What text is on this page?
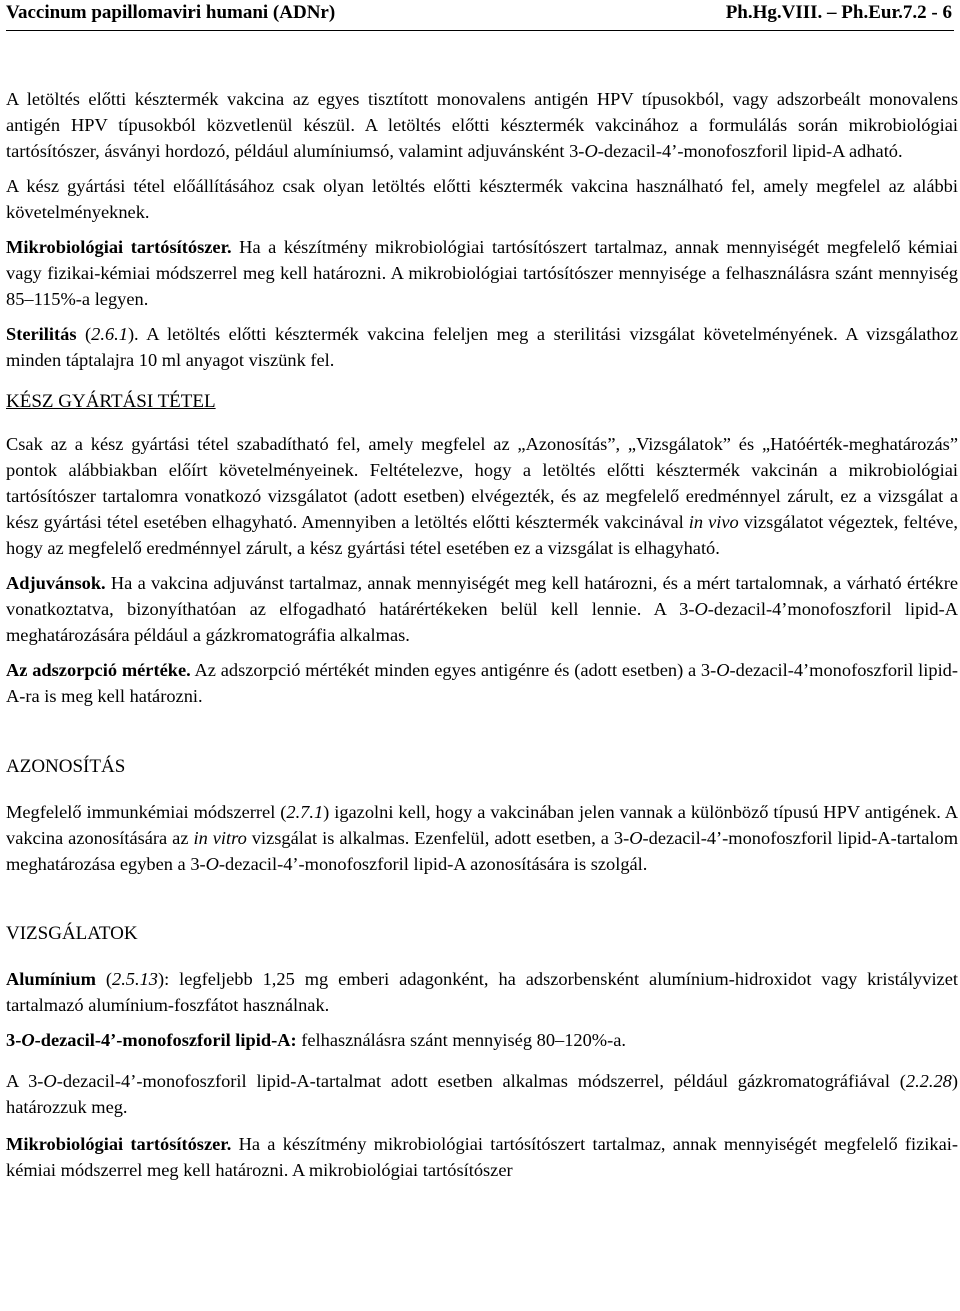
Vaccinum papillomaviri humani (ADNr)	Ph.Hg.VIII. – Ph.Eur.7.2 - 6

A letöltés előtti késztermék vakcina az egyes tisztított monovalens antigén HPV típusokból, vagy adszorbeált monovalens antigén HPV típusokból közvetlenül készül. A letöltés előtti késztermék vakcinához a formulálás során mikrobiológiai tartósítószer, ásványi hordozó, például alumíniumsó, valamint adjuvánsként 3-O-dezacil-4’-monofoszforil lipid-A adható.

A kész gyártási tétel előállításához csak olyan letöltés előtti késztermék vakcina használható fel, amely megfelel az alábbi követelményeknek.

Mikrobiológiai tartósítószer. Ha a készítmény mikrobiológiai tartósítószert tartalmaz, annak mennyiségét megfelelő kémiai vagy fizikai-kémiai módszerrel meg kell határozni. A mikrobiológiai tartósítószer mennyisége a felhasználásra szánt mennyiség 85–115%-a legyen.

Sterilitás (2.6.1). A letöltés előtti késztermék vakcina feleljen meg a sterilitási vizsgálat követelményének. A vizsgálathoz minden táptalajra 10 ml anyagot viszünk fel.

KÉSZ GYÁRTÁSI TÉTEL

Csak az a kész gyártási tétel szabadítható fel, amely megfelel az „Azonosítás”, „Vizsgálatok” és „Hatóérték-meghatározás” pontok alábbiakban előírt követelményeinek. Feltételezve, hogy a letöltés előtti késztermék vakcinán a mikrobiológiai tartósítószer tartalomra vonatkozó vizsgálatot (adott esetben) elvégezték, és az megfelelő eredménnyel zárult, ez a vizsgálat a kész gyártási tétel esetében elhagyható. Amennyiben a letöltés előtti késztermék vakcinával in vivo vizsgálatot végeztek, feltéve, hogy az megfelelő eredménnyel zárult, a kész gyártási tétel esetében ez a vizsgálat is elhagyható.

Adjuvánsok. Ha a vakcina adjuvánst tartalmaz, annak mennyiségét meg kell határozni, és a mért tartalomnak, a várható értékre vonatkoztatva, bizonyíthatóan az elfogadható határértékeken belül kell lennie. A 3-O-dezacil-4’monofoszforil lipid-A meghatározására például a gázkromatográfia alkalmas.

Az adszorpció mértéke. Az adszorpció mértékét minden egyes antigénre és (adott esetben) a 3-O-dezacil-4’monofoszforil lipid-A-ra is meg kell határozni.

AZONOSÍTÁS

Megfelelő immunkémiai módszerrel (2.7.1) igazolni kell, hogy a vakcinában jelen vannak a különböző típusú HPV antigének. A vakcina azonosítására az in vitro vizsgálat is alkalmas. Ezenfelül, adott esetben, a 3-O-dezacil-4’-monofoszforil lipid-A-tartalom meghatározása egyben a 3-O-dezacil-4’-monofoszforil lipid-A azonosítására is szolgál.

VIZSGÁLATOK

Alumínium (2.5.13): legfeljebb 1,25 mg emberi adagonként, ha adszorbensként alumínium-hidroxidot vagy kristályvizet tartalmazó alumínium-foszfátot használnak.

3-O-dezacil-4’-monofoszforil lipid-A: felhasználásra szánt mennyiség 80–120%-a.

A 3-O-dezacil-4’-monofoszforil lipid-A-tartalmat adott esetben alkalmas módszerrel, például gázkromatográfiával (2.2.28) határozzuk meg.

Mikrobiológiai tartósítószer. Ha a készítmény mikrobiológiai tartósítószert tartalmaz, annak mennyiségét megfelelő fizikai-kémiai módszerrel meg kell határozni. A mikrobiológiai tartósítószer
